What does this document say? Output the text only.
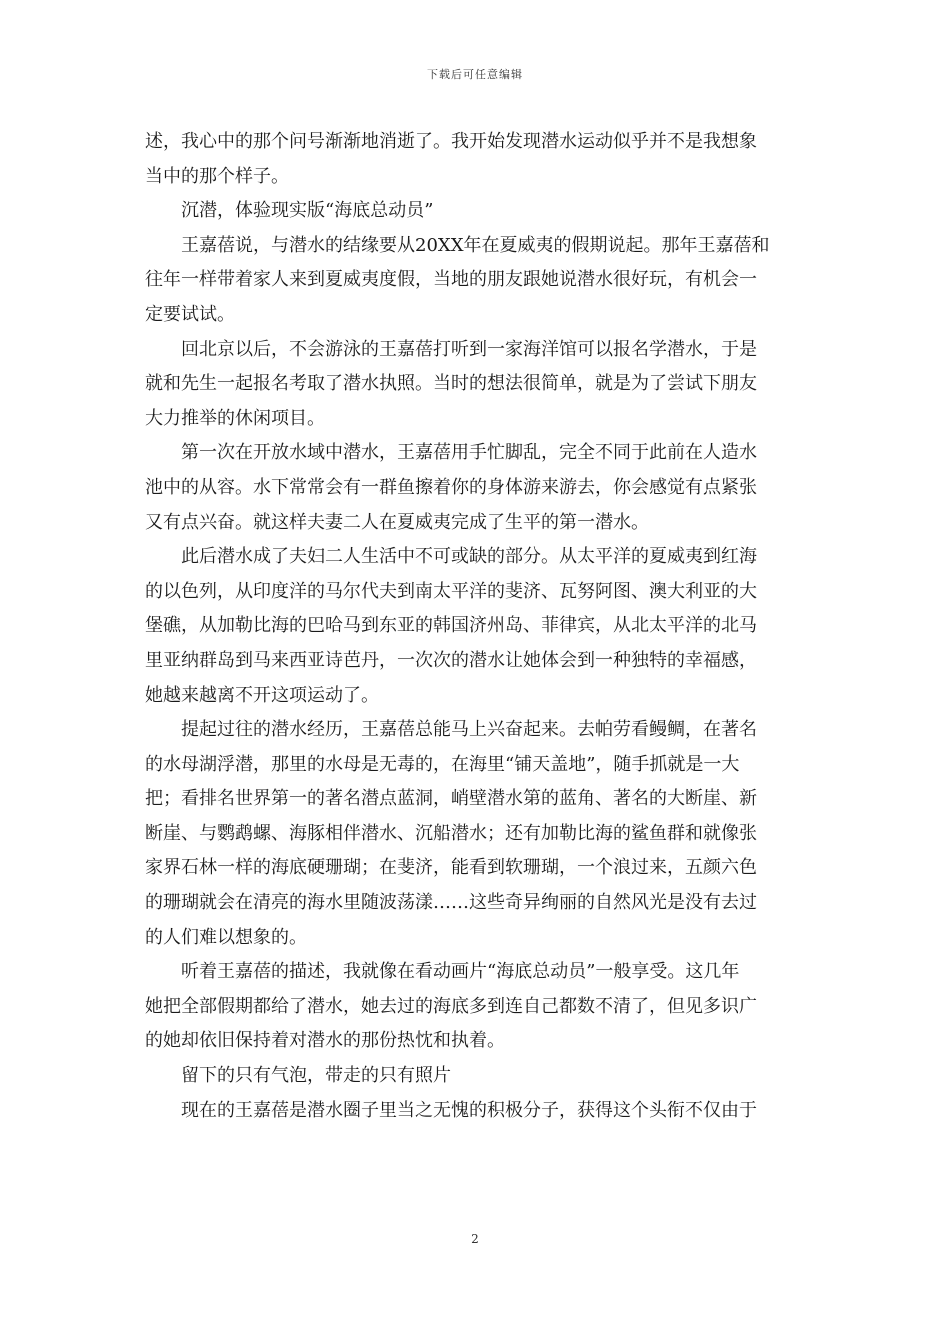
下载后可任意编辑
述，我心中的那个问号渐渐地消逝了。我开始发现潜水运动似乎并不是我想象
当中的那个样子。
沉潜，体验现实版“海底总动员”
王嘉蓓说，与潜水的结缘要从20XX年在夏威夷的假期说起。那年王嘉蓓和
往年一样带着家人来到夏威夷度假，当地的朋友跟她说潜水很好玩，有机会一
定要试试。
回北京以后，不会游泳的王嘉蓓打听到一家海洋馆可以报名学潜水，于是
就和先生一起报名考取了潜水执照。当时的想法很简单，就是为了尝试下朋友
大力推举的休闲项目。
第一次在开放水域中潜水，王嘉蓓用手忙脚乱，完全不同于此前在人造水
池中的从容。水下常常会有一群鱼擦着你的身体游来游去，你会感觉有点紧张
又有点兴奋。就这样夫妻二人在夏威夷完成了生平的第一潜水。
此后潜水成了夫妇二人生活中不可或缺的部分。从太平洋的夏威夷到红海
的以色列，从印度洋的马尔代夫到南太平洋的斐济、瓦努阿图、澳大利亚的大
堡礁，从加勒比海的巴哈马到东亚的韩国济州岛、菲律宾，从北太平洋的北马
里亚纳群岛到马来西亚诗芭丹，一次次的潜水让她体会到一种独特的幸福感，
她越来越离不开这项运动了。
提起过往的潜水经历，王嘉蓓总能马上兴奋起来。去帕劳看鳗鲷，在著名
的水母湖浮潜，那里的水母是无毒的，在海里“铺天盖地”，随手抓就是一大
把；看排名世界第一的著名潜点蓝洞，峭壁潜水第的蓝角、著名的大断崖、新
断崖、与鹦鹉螺、海豚相伴潜水、沉船潜水；还有加勒比海的鲨鱼群和就像张
家界石林一样的海底硬珊瑚；在斐济，能看到软珊瑚，一个浪过来，五颜六色
的珊瑚就会在清亮的海水里随波荡漾……这些奇异绚丽的自然风光是没有去过
的人们难以想象的。
听着王嘉蓓的描述，我就像在看动画片“海底总动员”一般享受。这几年
她把全部假期都给了潜水，她去过的海底多到连自己都数不清了，但见多识广
的她却依旧保持着对潜水的那份热忱和执着。
留下的只有气泡，带走的只有照片
现在的王嘉蓓是潜水圈子里当之无愧的积极分子，获得这个头衔不仅由于
2
